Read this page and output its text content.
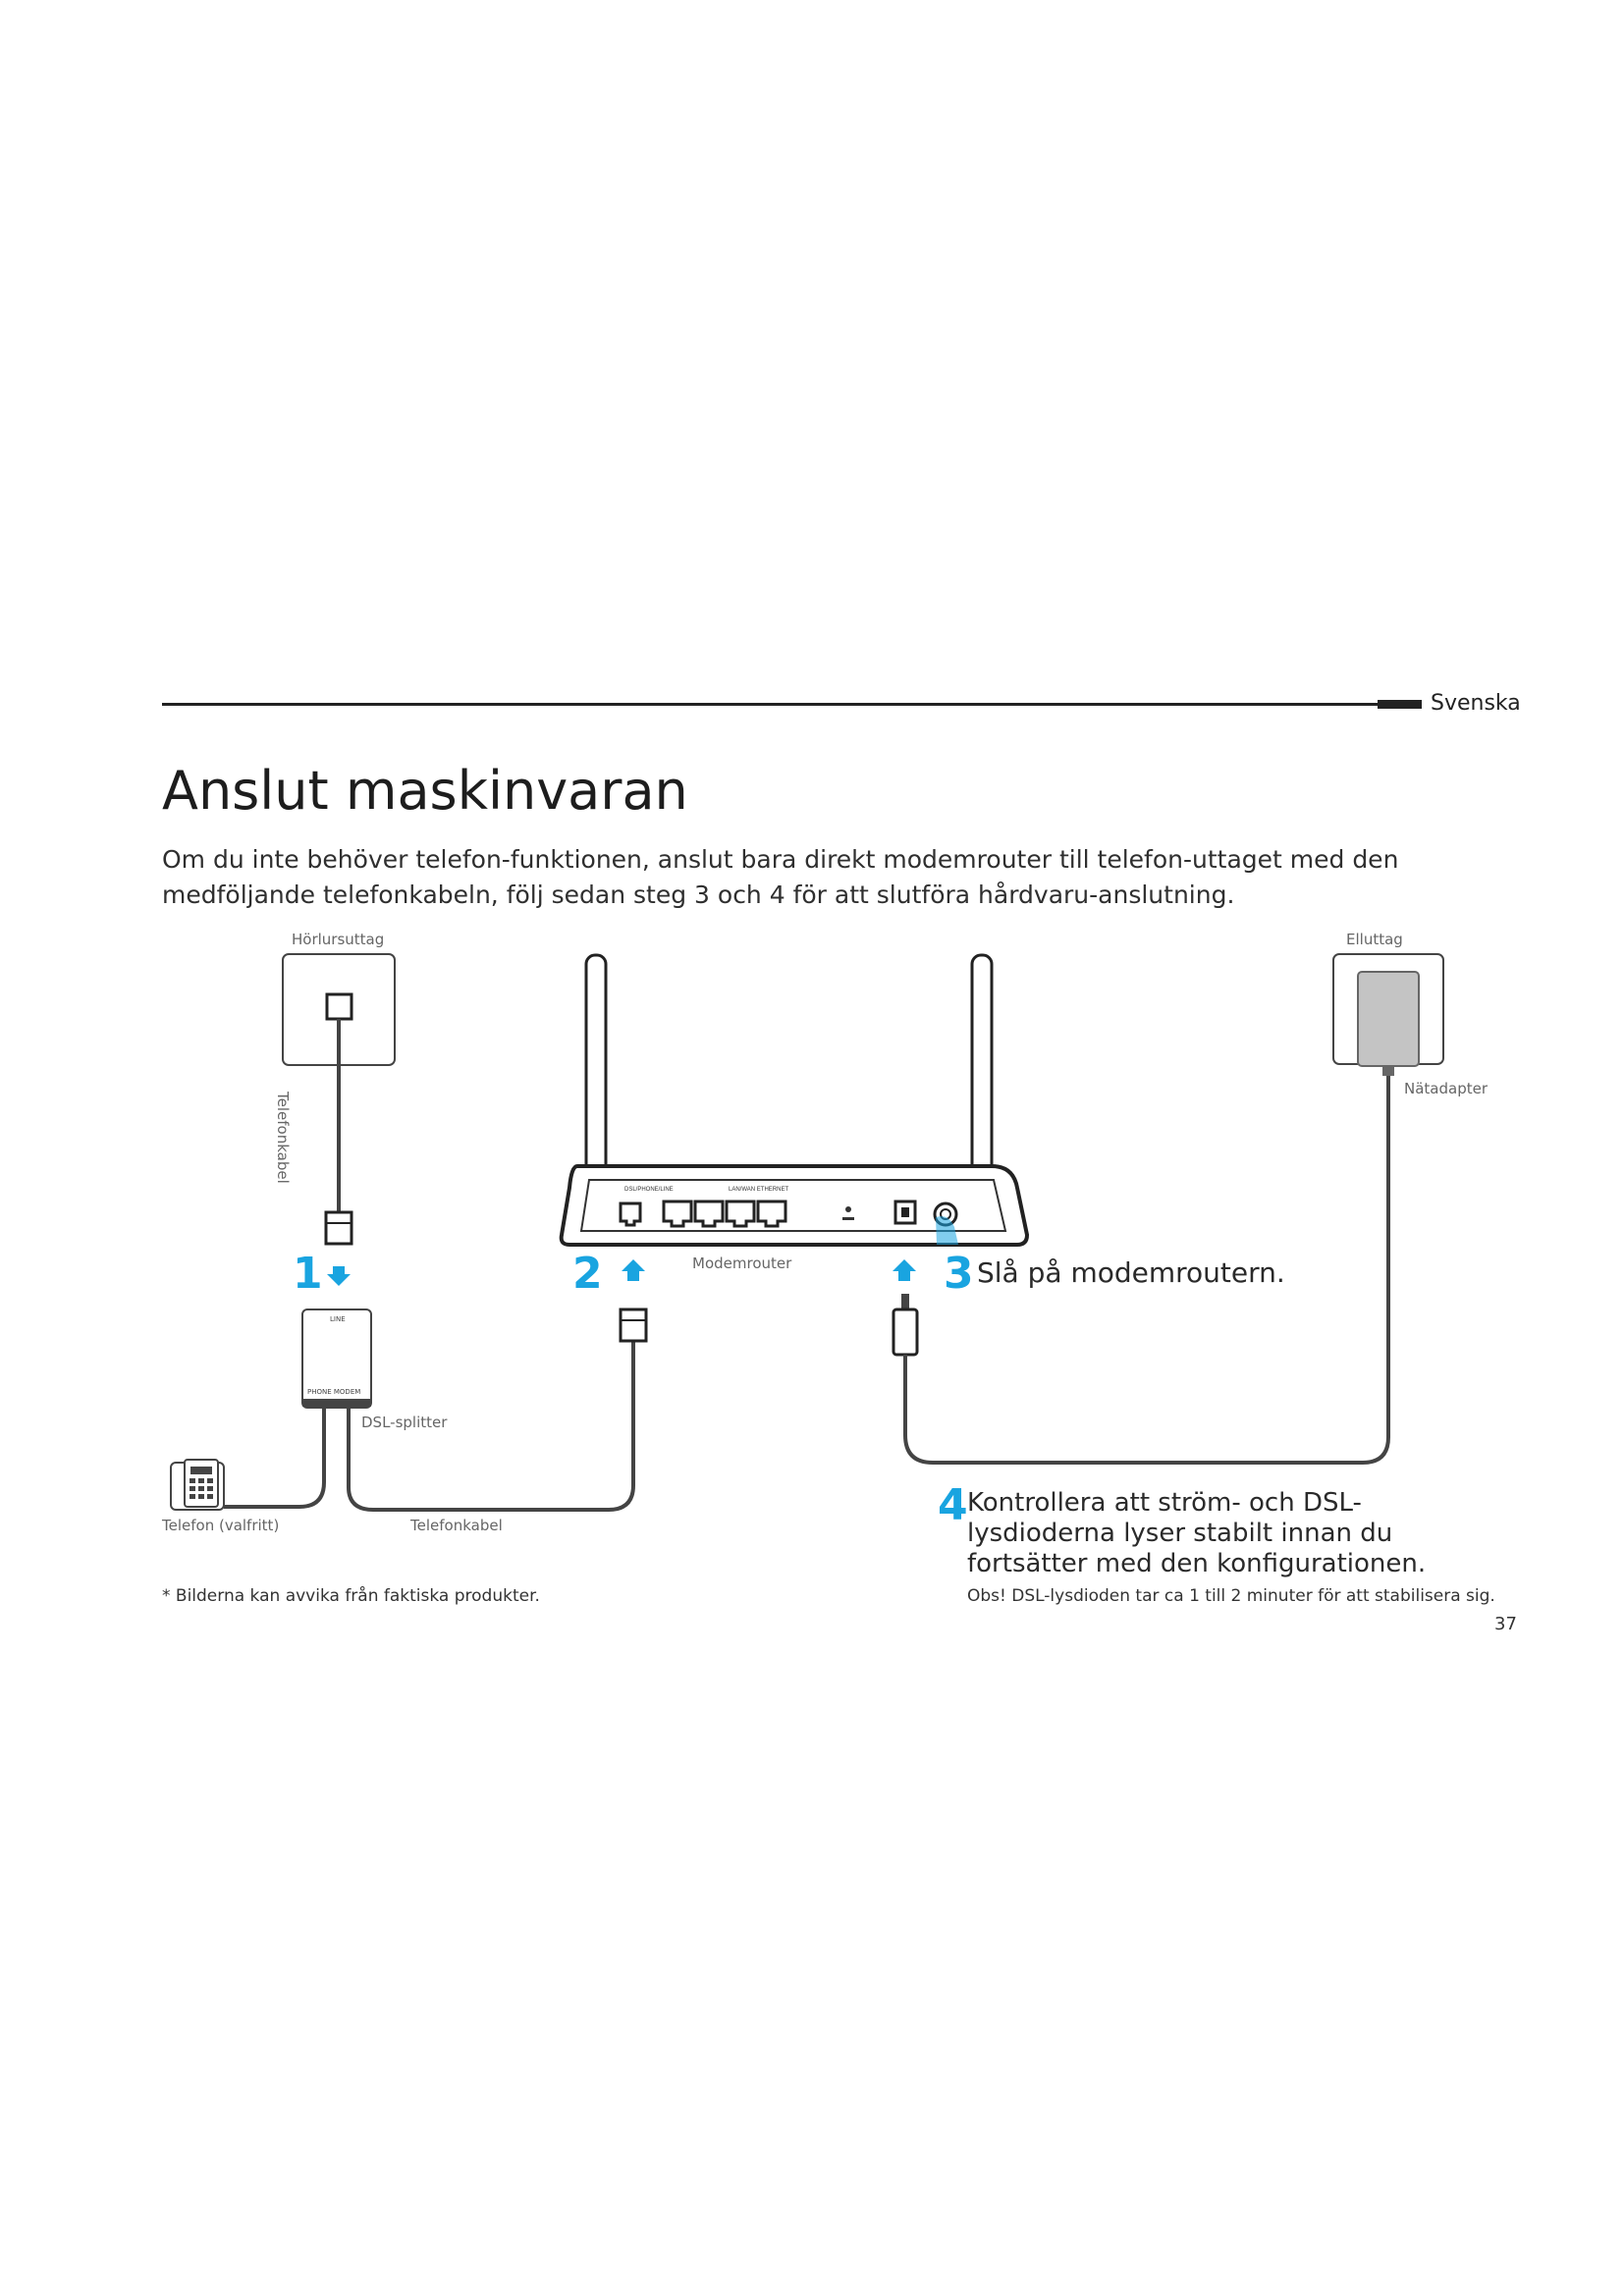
Svenska
Anslut maskinvaran
Om du inte behöver telefon-funktionen, anslut bara direkt modemrouter till telefon-uttaget med den medföljande telefonkabeln, följ sedan steg 3 och 4 för att slutföra hårdvaru-anslutning.
DSL/PHONE/LINE	LAN/WAN ETHERNET
Hörlursuttag
Telefonkabel
Elluttag
Nätadapter
Modemrouter
LINE
PHONE MODEM
DSL-splitter
Telefon (valfritt)	Telefonkabel
1	2	3 Slå på modemroutern.
4 Kontrollera att ström- och DSL-lysdioderna lyser stabilt innan du fortsätter med den konfigurationen.
* Bilderna kan avvika från faktiska produkter.	Obs! DSL-lysdioden tar ca 1 till 2 minuter för att stabilisera sig.
37
